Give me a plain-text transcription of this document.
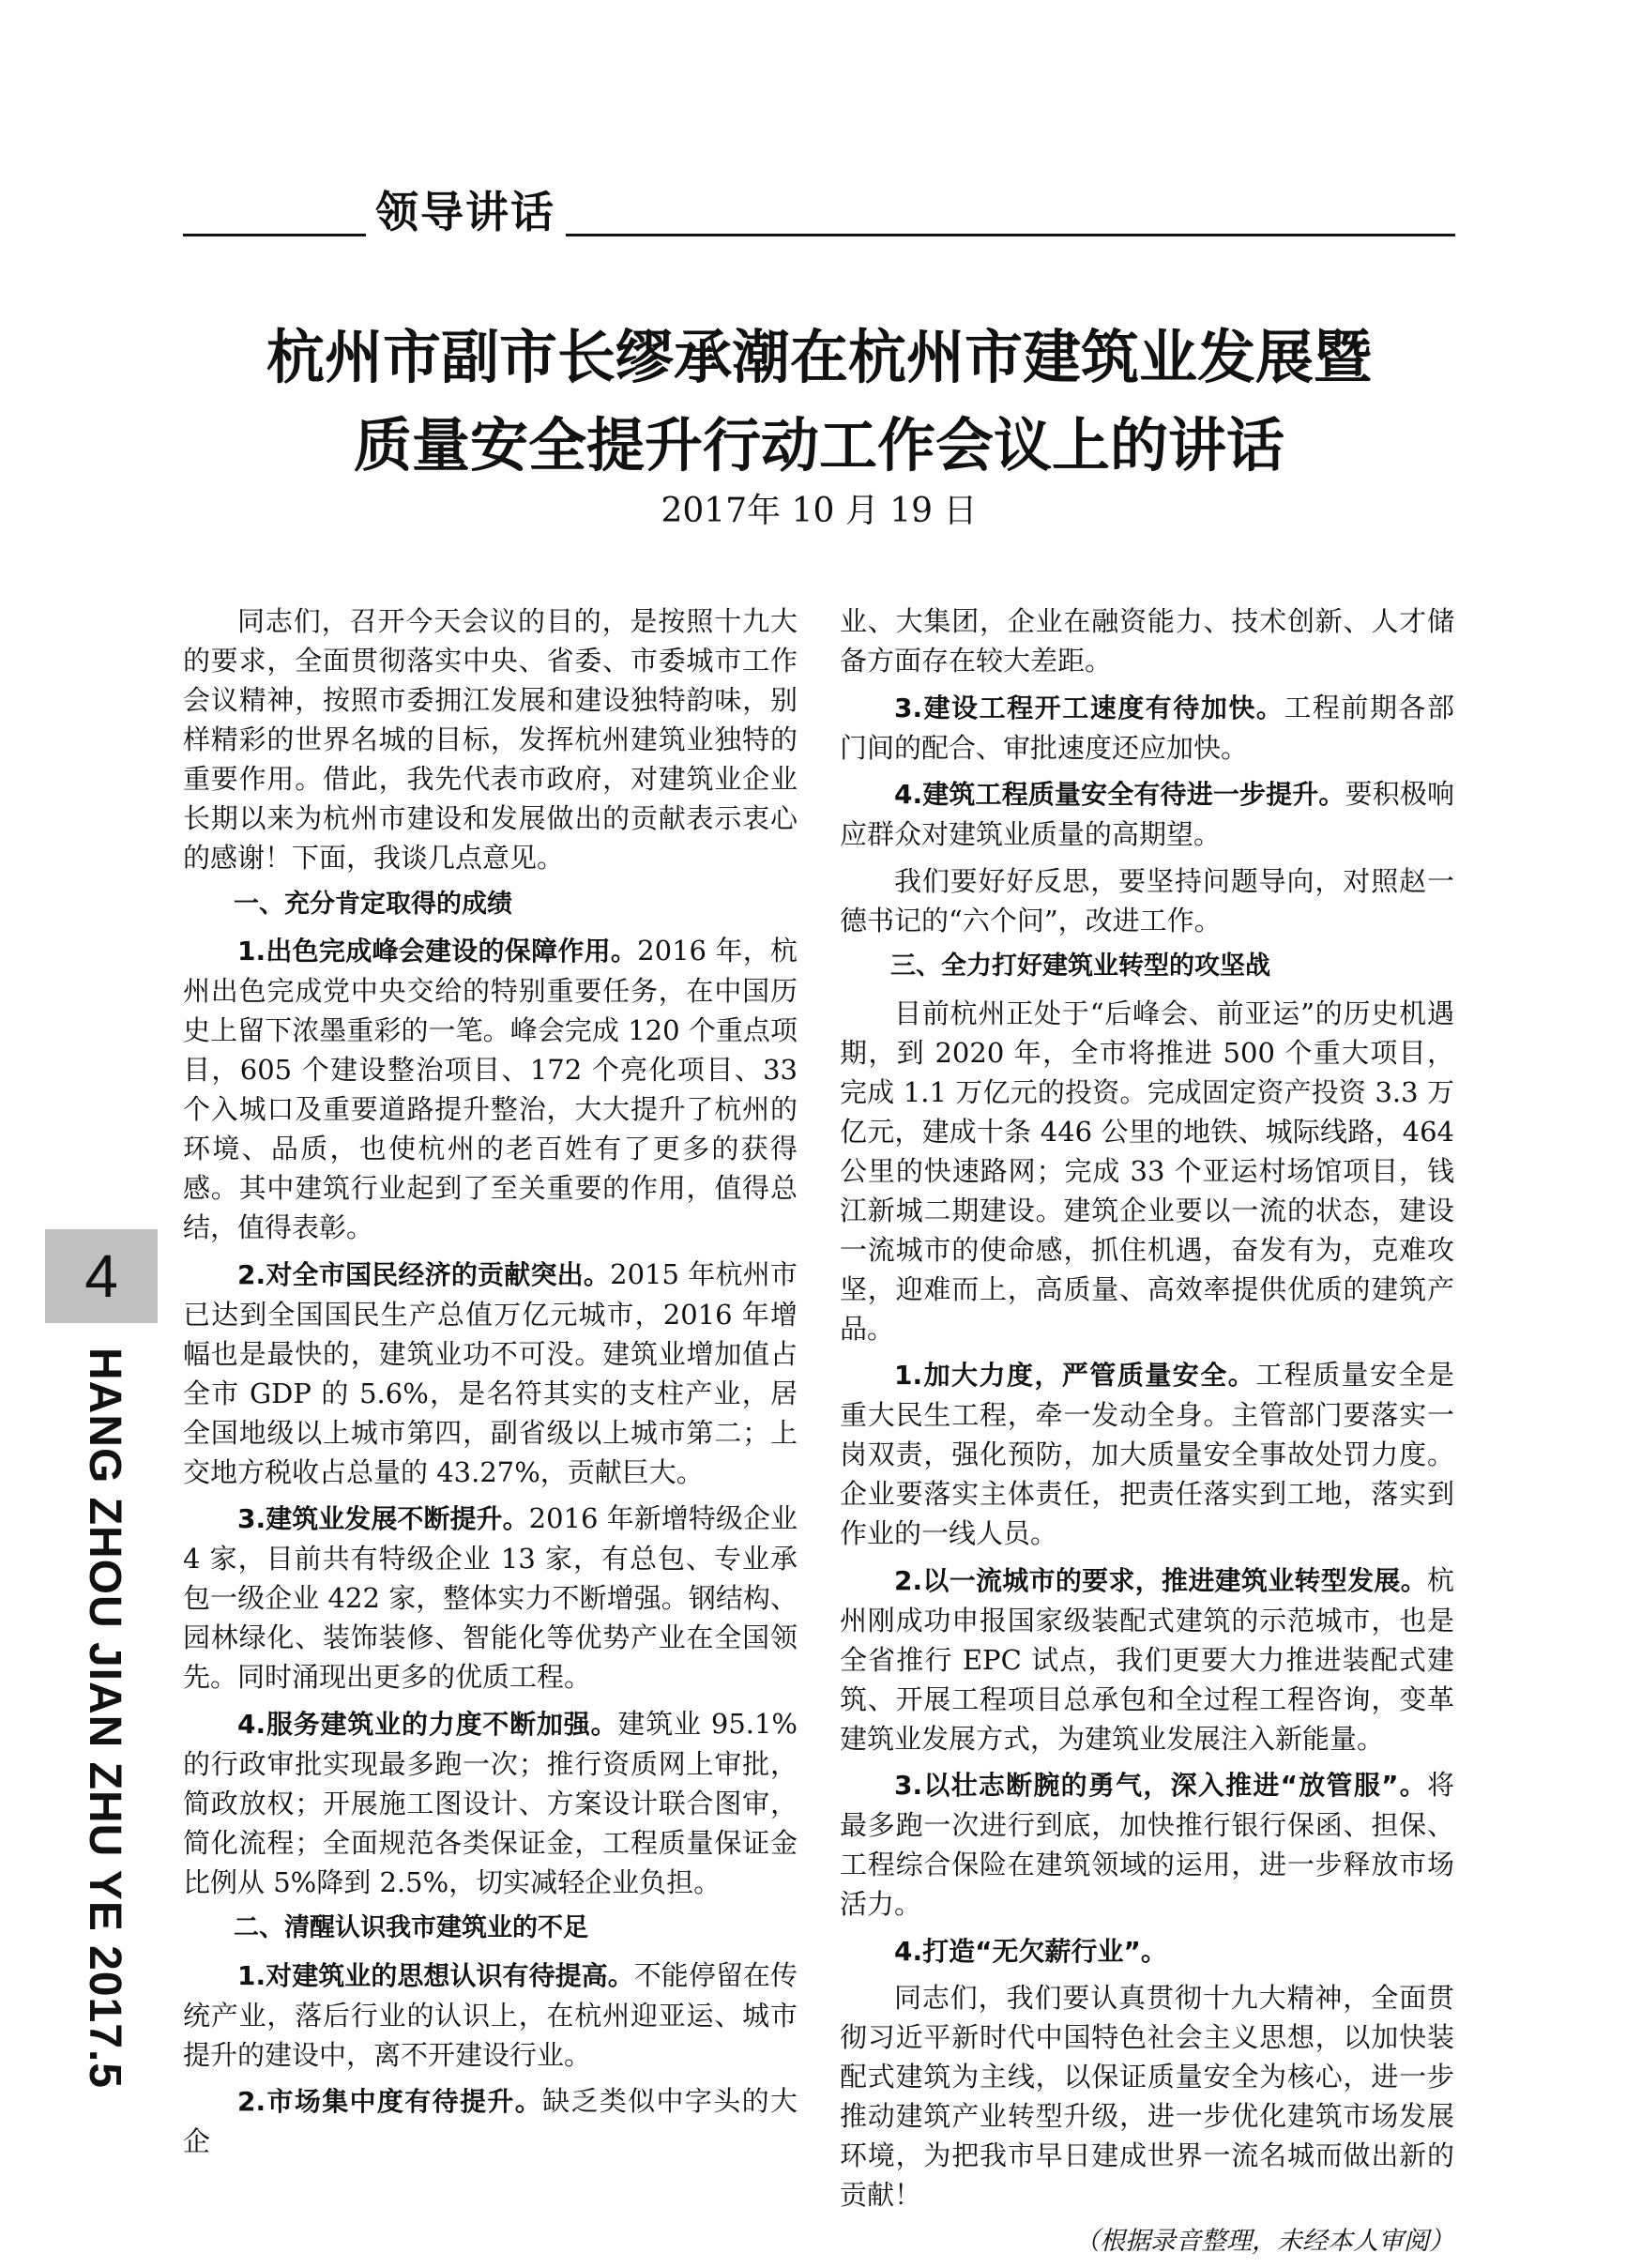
领导讲话
杭州市副市长缪承潮在杭州市建筑业发展暨
质量安全提升行动工作会议上的讲话
2017年 10 月 19 日

同志们，召开今天会议的目的，是按照十九大的要求，全面贯彻落实中央、省委、市委城市工作会议精神，按照市委拥江发展和建设独特韵味，别样精彩的世界名城的目标，发挥杭州建筑业独特的重要作用。借此，我先代表市政府，对建筑业企业长期以来为杭州市建设和发展做出的贡献表示衷心的感谢！下面，我谈几点意见。

一、充分肯定取得的成绩

1.出色完成峰会建设的保障作用。2016 年，杭州出色完成党中央交给的特别重要任务，在中国历史上留下浓墨重彩的一笔。峰会完成 120 个重点项目，605 个建设整治项目、172 个亮化项目、33 个入城口及重要道路提升整治，大大提升了杭州的环境、品质，也使杭州的老百姓有了更多的获得感。其中建筑行业起到了至关重要的作用，值得总结，值得表彰。

2.对全市国民经济的贡献突出。2015 年杭州市已达到全国国民生产总值万亿元城市，2016 年增幅也是最快的，建筑业功不可没。建筑业增加值占全市 GDP 的 5.6%，是名符其实的支柱产业，居全国地级以上城市第四，副省级以上城市第二；上交地方税收占总量的 43.27%，贡献巨大。

3.建筑业发展不断提升。2016 年新增特级企业 4 家，目前共有特级企业 13 家，有总包、专业承包一级企业 422 家，整体实力不断增强。钢结构、园林绿化、装饰装修、智能化等优势产业在全国领先。同时涌现出更多的优质工程。

4.服务建筑业的力度不断加强。建筑业 95.1%的行政审批实现最多跑一次；推行资质网上审批，简政放权；开展施工图设计、方案设计联合图审，简化流程；全面规范各类保证金，工程质量保证金比例从 5%降到 2.5%，切实减轻企业负担。

二、清醒认识我市建筑业的不足

1.对建筑业的思想认识有待提高。不能停留在传统产业，落后行业的认识上，在杭州迎亚运、城市提升的建设中，离不开建设行业。

2.市场集中度有待提升。缺乏类似中字头的大企

业、大集团，企业在融资能力、技术创新、人才储备方面存在较大差距。

3.建设工程开工速度有待加快。工程前期各部门间的配合、审批速度还应加快。

4.建筑工程质量安全有待进一步提升。要积极响应群众对建筑业质量的高期望。

我们要好好反思，要坚持问题导向，对照赵一德书记的“六个问”，改进工作。

三、全力打好建筑业转型的攻坚战

目前杭州正处于“后峰会、前亚运”的历史机遇期，到 2020 年，全市将推进 500 个重大项目，完成 1.1 万亿元的投资。完成固定资产投资 3.3 万亿元，建成十条 446 公里的地铁、城际线路，464 公里的快速路网；完成 33 个亚运村场馆项目，钱江新城二期建设。建筑企业要以一流的状态，建设一流城市的使命感，抓住机遇，奋发有为，克难攻坚，迎难而上，高质量、高效率提供优质的建筑产品。

1.加大力度，严管质量安全。工程质量安全是重大民生工程，牵一发动全身。主管部门要落实一岗双责，强化预防，加大质量安全事故处罚力度。企业要落实主体责任，把责任落实到工地，落实到作业的一线人员。

2.以一流城市的要求，推进建筑业转型发展。杭州刚成功申报国家级装配式建筑的示范城市，也是全省推行 EPC 试点，我们更要大力推进装配式建筑、开展工程项目总承包和全过程工程咨询，变革建筑业发展方式，为建筑业发展注入新能量。

3.以壮志断腕的勇气，深入推进“放管服”。将最多跑一次进行到底，加快推行银行保函、担保、工程综合保险在建筑领域的运用，进一步释放市场活力。

4.打造“无欠薪行业”。

同志们，我们要认真贯彻十九大精神，全面贯彻习近平新时代中国特色社会主义思想，以加快装配式建筑为主线，以保证质量安全为核心，进一步推动建筑产业转型升级，进一步优化建筑市场发展环境，为把我市早日建成世界一流名城而做出新的贡献！

（根据录音整理，未经本人审阅）

4
HANG ZHOU JIAN ZHU YE 2017.5
